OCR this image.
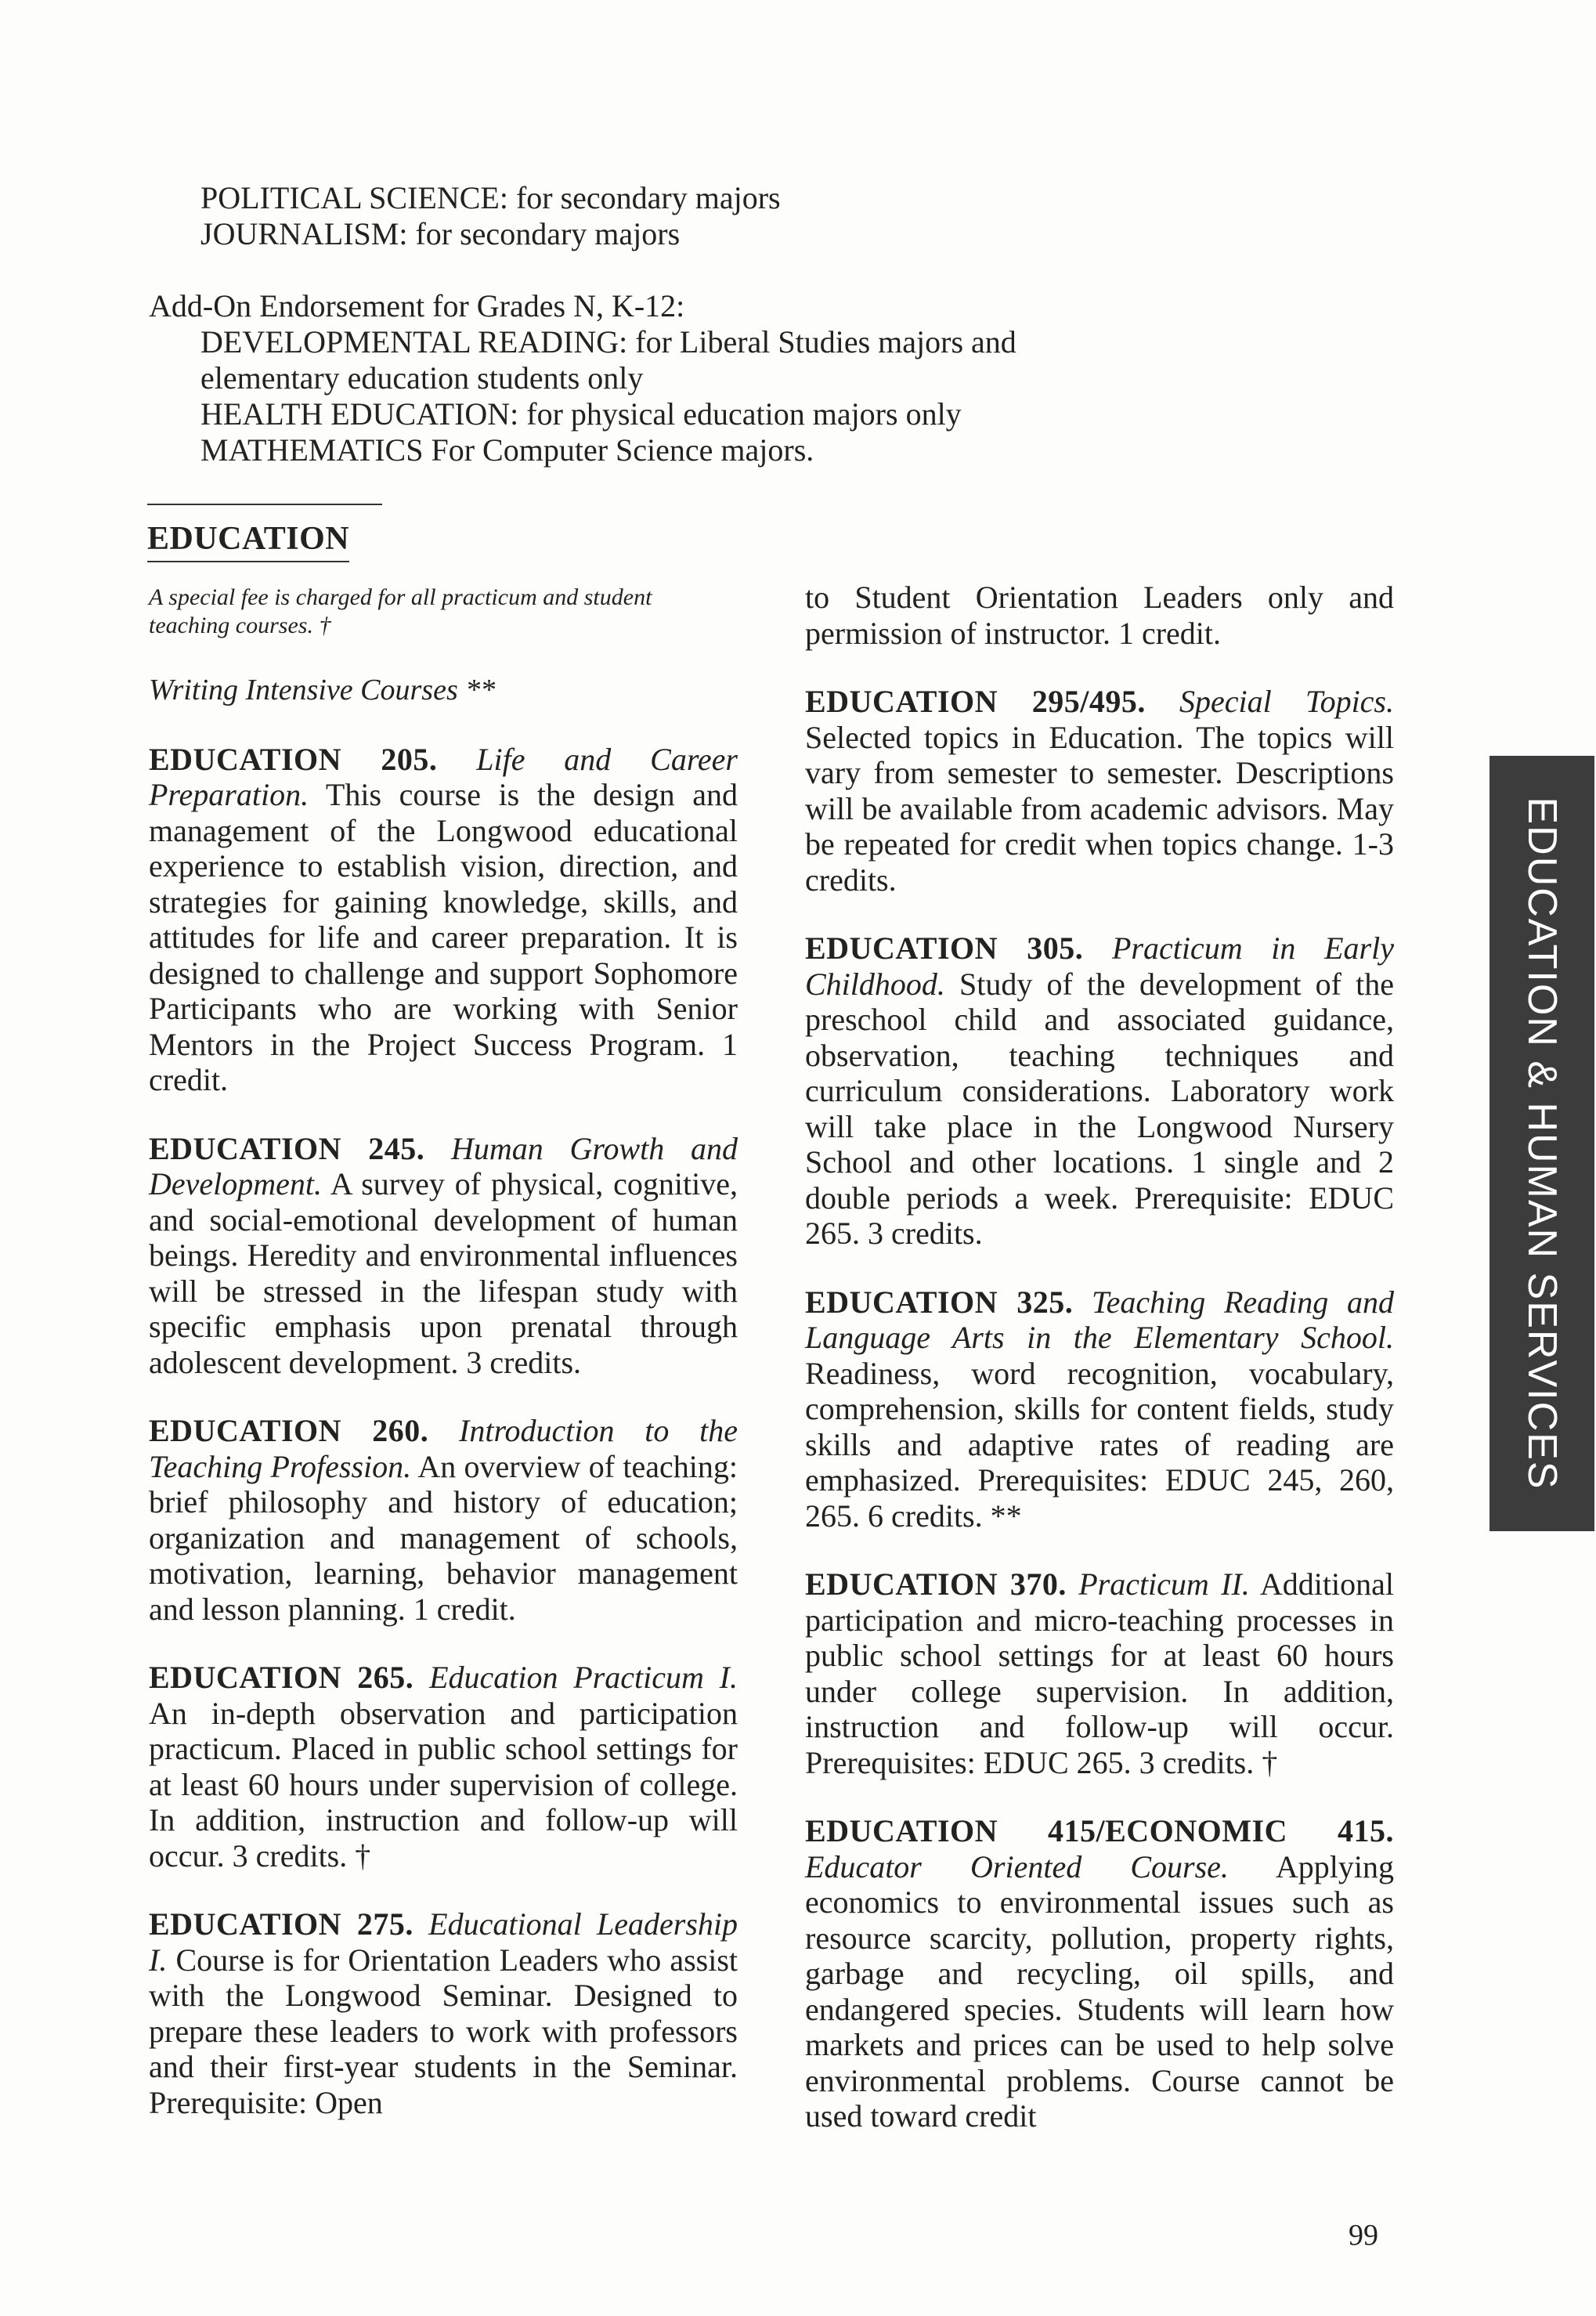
POLITICAL SCIENCE: for secondary majors
JOURNALISM: for secondary majors
Add-On Endorsement for Grades N, K-12:
DEVELOPMENTAL READING: for Liberal Studies majors and
elementary education students only
HEALTH EDUCATION: for physical education majors only
MATHEMATICS For Computer Science majors.
EDUCATION
A special fee is charged for all practicum and student teaching courses. †
Writing Intensive Courses **
EDUCATION 205. Life and Career Preparation. This course is the design and management of the Longwood educational experience to establish vision, direction, and strategies for gaining knowledge, skills, and attitudes for life and career preparation. It is designed to challenge and support Sophomore Participants who are working with Senior Mentors in the Project Success Program. 1 credit.
EDUCATION 245. Human Growth and Development. A survey of physical, cognitive, and social-emotional development of human beings. Heredity and environmental influences will be stressed in the lifespan study with specific emphasis upon prenatal through adolescent development. 3 credits.
EDUCATION 260. Introduction to the Teaching Profession. An overview of teaching: brief philosophy and history of education; organization and management of schools, motivation, learning, behavior management and lesson planning. 1 credit.
EDUCATION 265. Education Practicum I. An in-depth observation and participation practicum. Placed in public school settings for at least 60 hours under supervision of college. In addition, instruction and follow-up will occur. 3 credits. †
EDUCATION 275. Educational Leadership I. Course is for Orientation Leaders who assist with the Longwood Seminar. Designed to prepare these leaders to work with professors and their first-year students in the Seminar. Prerequisite: Open
to Student Orientation Leaders only and permission of instructor. 1 credit.
EDUCATION 295/495. Special Topics. Selected topics in Education. The topics will vary from semester to semester. Descriptions will be available from academic advisors. May be repeated for credit when topics change. 1-3 credits.
EDUCATION 305. Practicum in Early Childhood. Study of the development of the preschool child and associated guidance, observation, teaching techniques and curriculum considerations. Laboratory work will take place in the Longwood Nursery School and other locations. 1 single and 2 double periods a week. Prerequisite: EDUC 265. 3 credits.
EDUCATION 325. Teaching Reading and Language Arts in the Elementary School. Readiness, word recognition, vocabulary, comprehension, skills for content fields, study skills and adaptive rates of reading are emphasized. Prerequisites: EDUC 245, 260, 265. 6 credits. **
EDUCATION 370. Practicum II. Additional participation and micro-teaching processes in public school settings for at least 60 hours under college supervision. In addition, instruction and follow-up will occur. Prerequisites: EDUC 265. 3 credits. †
EDUCATION 415/ECONOMIC 415. Educator Oriented Course. Applying economics to environmental issues such as resource scarcity, pollution, property rights, garbage and recycling, oil spills, and endangered species. Students will learn how markets and prices can be used to help solve environmental problems. Course cannot be used toward credit
EDUCATION & HUMAN SERVICES
99
